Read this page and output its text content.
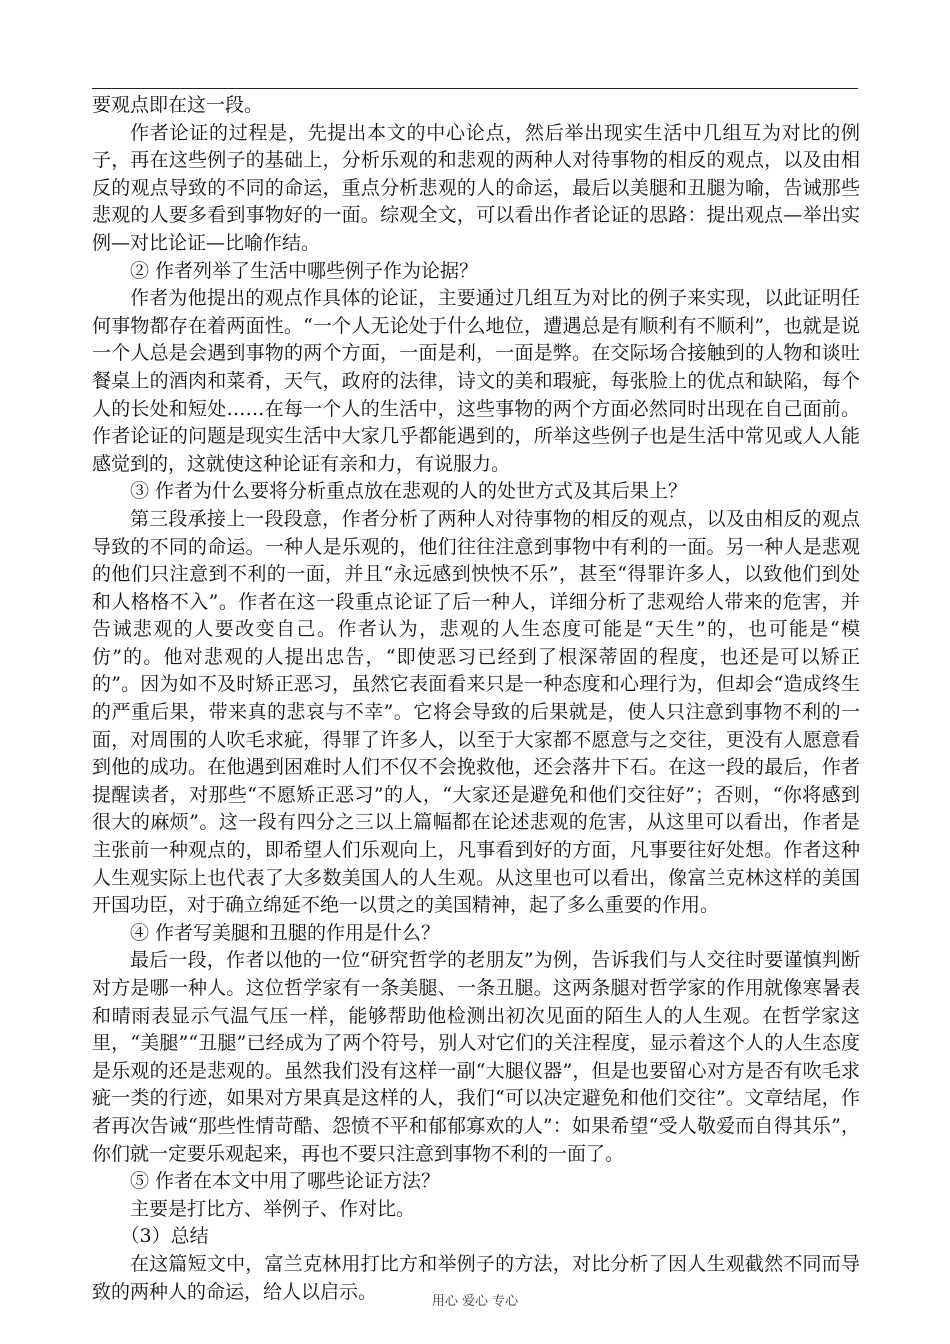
要观点即在这一段。

作者论证的过程是，先提出本文的中心论点，然后举出现实生活中几组互为对比的例子，再在这些例子的基础上，分析乐观的和悲观的两种人对待事物的相反的观点，以及由相反的观点导致的不同的命运，重点分析悲观的人的命运，最后以美腿和丑腿为喻，告诫那些悲观的人要多看到事物好的一面。综观全文，可以看出作者论证的思路：提出观点—举出实例—对比论证—比喻作结。

② 作者列举了生活中哪些例子作为论据？

作者为他提出的观点作具体的论证，主要通过几组互为对比的例子来实现，以此证明任何事物都存在着两面性。“一个人无论处于什么地位，遭遇总是有顺利有不顺利”，也就是说一个人总是会遇到事物的两个方面，一面是利，一面是弊。在交际场合接触到的人物和谈吐餐桌上的酒肉和菜肴，天气，政府的法律，诗文的美和瑕疵，每张脸上的优点和缺陷，每个人的长处和短处……在每一个人的生活中，这些事物的两个方面必然同时出现在自己面前。作者论证的问题是现实生活中大家几乎都能遇到的，所举这些例子也是生活中常见或人人能感觉到的，这就使这种论证有亲和力，有说服力。

③ 作者为什么要将分析重点放在悲观的人的处世方式及其后果上？

第三段承接上一段段意，作者分析了两种人对待事物的相反的观点，以及由相反的观点导致的不同的命运。一种人是乐观的，他们往往注意到事物中有利的一面。另一种人是悲观的他们只注意到不利的一面，并且“永远感到怏怏不乐”，甚至“得罪许多人，以致他们到处和人格格不入”。作者在这一段重点论证了后一种人，详细分析了悲观给人带来的危害，并告诫悲观的人要改变自己。作者认为，悲观的人生态度可能是“天生”的，也可能是“模仿”的。他对悲观的人提出忠告，“即使恶习已经到了根深蒂固的程度，也还是可以矫正的”。因为如不及时矫正恶习，虽然它表面看来只是一种态度和心理行为，但却会“造成终生的严重后果，带来真的悲哀与不幸”。它将会导致的后果就是，使人只注意到事物不利的一面，对周围的人吹毛求疵，得罪了许多人，以至于大家都不愿意与之交往，更没有人愿意看到他的成功。在他遇到困难时人们不仅不会挽救他，还会落井下石。在这一段的最后，作者提醒读者，对那些“不愿矫正恶习”的人，“大家还是避免和他们交往好”；否则，“你将感到很大的麻烦”。这一段有四分之三以上篇幅都在论述悲观的危害，从这里可以看出，作者是主张前一种观点的，即希望人们乐观向上，凡事看到好的方面，凡事要往好处想。作者这种人生观实际上也代表了大多数美国人的人生观。从这里也可以看出，像富兰克林这样的美国开国功臣，对于确立绵延不绝一以贯之的美国精神，起了多么重要的作用。

④ 作者写美腿和丑腿的作用是什么？

最后一段，作者以他的一位“研究哲学的老朋友”为例，告诉我们与人交往时要谨慎判断对方是哪一种人。这位哲学家有一条美腿、一条丑腿。这两条腿对哲学家的作用就像寒暑表和晴雨表显示气温气压一样，能够帮助他检测出初次见面的陌生人的人生观。在哲学家这里，“美腿”“丑腿”已经成为了两个符号，别人对它们的关注程度，显示着这个人的人生态度是乐观的还是悲观的。虽然我们没有这样一副“大腿仪器”，但是也要留心对方是否有吹毛求疵一类的行迹，如果对方果真是这样的人，我们“可以决定避免和他们交往”。文章结尾，作者再次告诫“那些性情苛酷、怨愤不平和郁郁寡欢的人”：如果希望“受人敬爱而自得其乐”，你们就一定要乐观起来，再也不要只注意到事物不利的一面了。

⑤ 作者在本文中用了哪些论证方法？

主要是打比方、举例子、作对比。

（3）总结

在这篇短文中，富兰克林用打比方和举例子的方法，对比分析了因人生观截然不同而导致的两种人的命运，给人以启示。	用心 爱心 专心
